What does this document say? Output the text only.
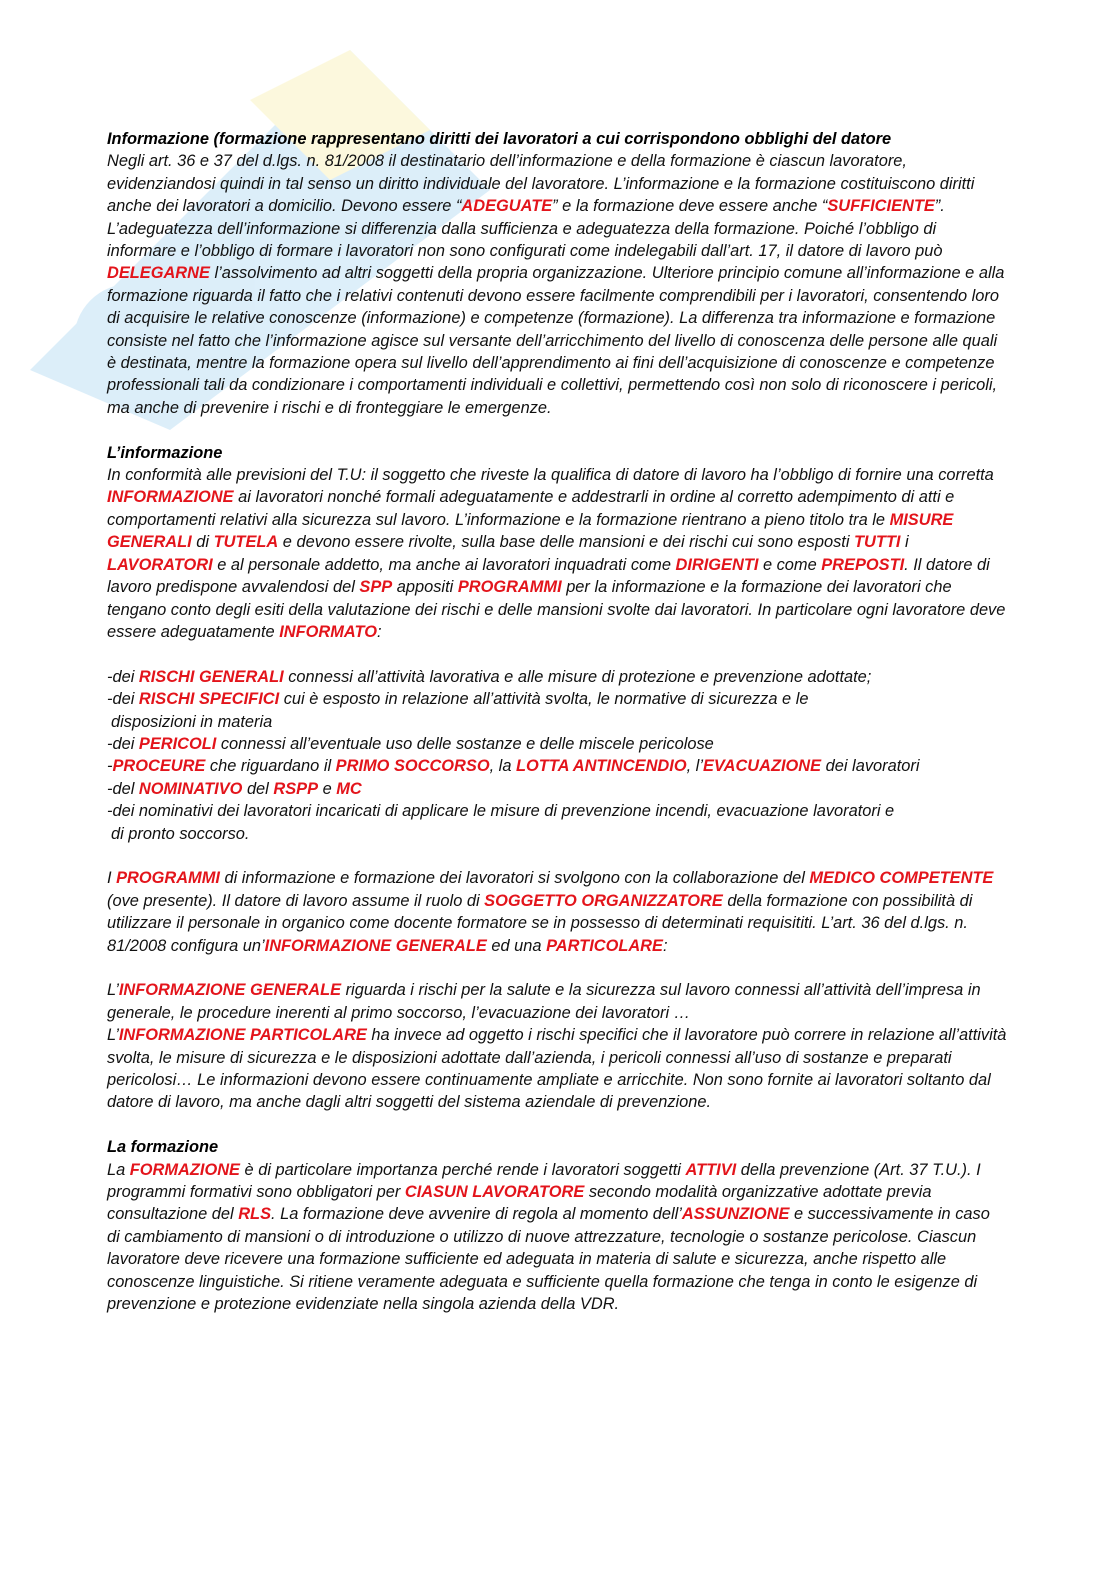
Informazione (formazione rappresentano diritti dei lavoratori a cui corrispondono obblighi del datore

Negli art. 36 e 37 del d.lgs. n. 81/2008 il destinatario dell’informazione e della formazione è ciascun lavoratore, evidenziandosi quindi in tal senso un diritto individuale del lavoratore. L’informazione e la formazione costituiscono diritti anche dei lavoratori a domicilio. Devono essere “ADEGUATE” e la formazione deve essere anche “SUFFICIENTE”. L’adeguatezza dell’informazione si differenzia dalla sufficienza e adeguatezza della formazione. Poiché l’obbligo di informare e l’obbligo di formare i lavoratori non sono configurati come indelegabili dall’art. 17, il datore di lavoro può DELEGARNE l’assolvimento ad altri soggetti della propria organizzazione. Ulteriore principio comune all’informazione e alla formazione riguarda il fatto che i relativi contenuti devono essere facilmente comprendibili per i lavoratori, consentendo loro di acquisire le relative conoscenze (informazione) e competenze (formazione). La differenza tra informazione e formazione consiste nel fatto che l’informazione agisce sul versante dell’arricchimento del livello di conoscenza delle persone alle quali è destinata, mentre la formazione opera sul livello dell’apprendimento ai fini dell’acquisizione di conoscenze e competenze professionali tali da condizionare i comportamenti individuali e collettivi, permettendo così non solo di riconoscere i pericoli, ma anche di prevenire i rischi e di fronteggiare le emergenze.

L’informazione

In conformità alle previsioni del T.U: il soggetto che riveste la qualifica di datore di lavoro ha l’obbligo di fornire una corretta INFORMAZIONE ai lavoratori nonché formali adeguatamente e addestrarli in ordine al corretto adempimento di atti e comportamenti relativi alla sicurezza sul lavoro. L’informazione e la formazione rientrano a pieno titolo tra le MISURE GENERALI di TUTELA e devono essere rivolte, sulla base delle mansioni e dei rischi cui sono esposti TUTTI i LAVORATORI e al personale addetto, ma anche ai lavoratori inquadrati come DIRIGENTI e come PREPOSTI. Il datore di lavoro predispone avvalendosi del SPP appositi PROGRAMMI per la informazione e la formazione dei lavoratori che tengano conto degli esiti della valutazione dei rischi e delle mansioni svolte dai lavoratori. In particolare ogni lavoratore deve essere adeguatamente INFORMATO:

-dei RISCHI GENERALI connessi all’attività lavorativa e alle misure di protezione e prevenzione adottate;

-dei RISCHI SPECIFICI cui è esposto in relazione all’attività svolta, le normative di sicurezza e le
disposizioni in materia

-dei PERICOLI connessi all’eventuale uso delle sostanze e delle miscele pericolose

-PROCEURE che riguardano il PRIMO SOCCORSO, la LOTTA ANTINCENDIO, l’EVACUAZIONE dei lavoratori

-del NOMINATIVO del RSPP e MC

-dei nominativi dei lavoratori incaricati di applicare le misure di prevenzione incendi, evacuazione lavoratori e
di pronto soccorso.

I PROGRAMMI di informazione e formazione dei lavoratori si svolgono con la collaborazione del MEDICO COMPETENTE (ove presente). Il datore di lavoro assume il ruolo di SOGGETTO ORGANIZZATORE della formazione con possibilità di utilizzare il personale in organico come docente formatore se in possesso di determinati requisititi. L’art. 36 del d.lgs. n. 81/2008 configura un’INFORMAZIONE GENERALE ed una PARTICOLARE:

L’INFORMAZIONE GENERALE riguarda i rischi per la salute e la sicurezza sul lavoro connessi all’attività dell’impresa in generale, le procedure inerenti al primo soccorso, l’evacuazione dei lavoratori …

L’INFORMAZIONE PARTICOLARE ha invece ad oggetto i rischi specifici che il lavoratore può correre in relazione all’attività svolta, le misure di sicurezza e le disposizioni adottate dall’azienda, i pericoli connessi all’uso di sostanze e preparati pericolosi… Le informazioni devono essere continuamente ampliate e arricchite. Non sono fornite ai lavoratori soltanto dal datore di lavoro, ma anche dagli altri soggetti del sistema aziendale di prevenzione.

La formazione

La FORMAZIONE è di particolare importanza perché rende i lavoratori soggetti ATTIVI della prevenzione (Art. 37 T.U.). I programmi formativi sono obbligatori per CIASUN LAVORATORE secondo modalità organizzative adottate previa consultazione del RLS. La formazione deve avvenire di regola al momento dell’ASSUNZIONE e successivamente in caso di cambiamento di mansioni o di introduzione o utilizzo di nuove attrezzature, tecnologie o sostanze pericolose. Ciascun lavoratore deve ricevere una formazione sufficiente ed adeguata in materia di salute e sicurezza, anche rispetto alle conoscenze linguistiche. Si ritiene veramente adeguata e sufficiente quella formazione che tenga in conto le esigenze di prevenzione e protezione evidenziate nella singola azienda della VDR.
